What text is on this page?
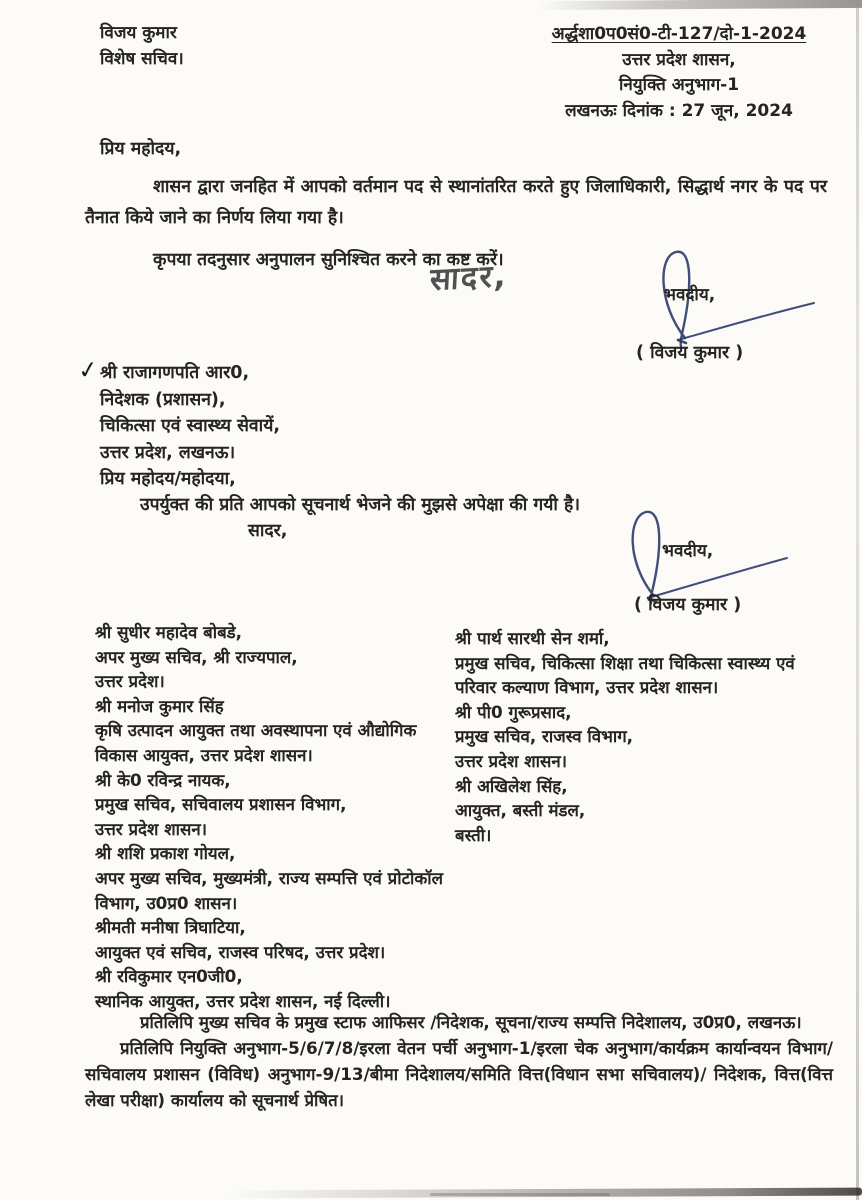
विजय कुमार
विशेष सचिव।
अर्द्धशा0प0सं0-टी-127/दो-1-2024
उत्तर प्रदेश शासन,
नियुक्ति अनुभाग-1
लखनऊः दिनांक : 27 जून, 2024
प्रिय महोदय,
शासन द्वारा जनहित में आपको वर्तमान पद से स्थानांतरित करते हुए जिलाधिकारी, सिद्धार्थ नगर के पद पर तैनात किये जाने का निर्णय लिया गया है।
कृपया तदनुसार अनुपालन सुनिश्चित करने का कष्ट करें।
सादर,	भवदीय,
( विजय कुमार )
✓ श्री राजागणपति आर0,
निदेशक (प्रशासन),
चिकित्सा एवं स्वास्थ्य सेवायें,
उत्तर प्रदेश, लखनऊ।
प्रिय महोदय/महोदया,
उपर्युक्त की प्रति आपको सूचनार्थ भेजने की मुझसे अपेक्षा की गयी है।
सादर,
भवदीय,
( विजय कुमार )
श्री सुधीर महादेव बोबडे,
अपर मुख्य सचिव, श्री राज्यपाल,
उत्तर प्रदेश।
श्री मनोज कुमार सिंह
कृषि उत्पादन आयुक्त तथा अवस्थापना एवं औद्योगिक
विकास आयुक्त, उत्तर प्रदेश शासन।
श्री के0 रविन्द्र नायक,
प्रमुख सचिव, सचिवालय प्रशासन विभाग,
उत्तर प्रदेश शासन।
श्री शशि प्रकाश गोयल,
अपर मुख्य सचिव, मुख्यमंत्री, राज्य सम्पत्ति एवं प्रोटोकॉल
विभाग, उ0प्र0 शासन।
श्रीमती मनीषा त्रिघाटिया,
आयुक्त एवं सचिव, राजस्व परिषद, उत्तर प्रदेश।
श्री रविकुमार एन0जी0,
स्थानिक आयुक्त, उत्तर प्रदेश शासन, नई दिल्ली।
श्री पार्थ सारथी सेन शर्मा,
प्रमुख सचिव, चिकित्सा शिक्षा तथा चिकित्सा स्वास्थ्य एवं
परिवार कल्याण विभाग, उत्तर प्रदेश शासन।
श्री पी0 गुरूप्रसाद,
प्रमुख सचिव, राजस्व विभाग,
उत्तर प्रदेश शासन।
श्री अखिलेश सिंह,
आयुक्त, बस्ती मंडल,
बस्ती।
प्रतिलिपि मुख्य सचिव के प्रमुख स्टाफ आफिसर /निदेशक, सूचना/राज्य सम्पत्ति निदेशालय, उ0प्र0, लखनऊ।
प्रतिलिपि नियुक्ति अनुभाग-5/6/7/8/इरला वेतन पर्ची अनुभाग-1/इरला चेक अनुभाग/कार्यक्रम कार्यान्वयन विभाग/सचिवालय प्रशासन (विविध) अनुभाग-9/13/बीमा निदेशालय/समिति वित्त(विधान सभा सचिवालय)/ निदेशक, वित्त(वित्त लेखा परीक्षा) कार्यालय को सूचनार्थ प्रेषित।
